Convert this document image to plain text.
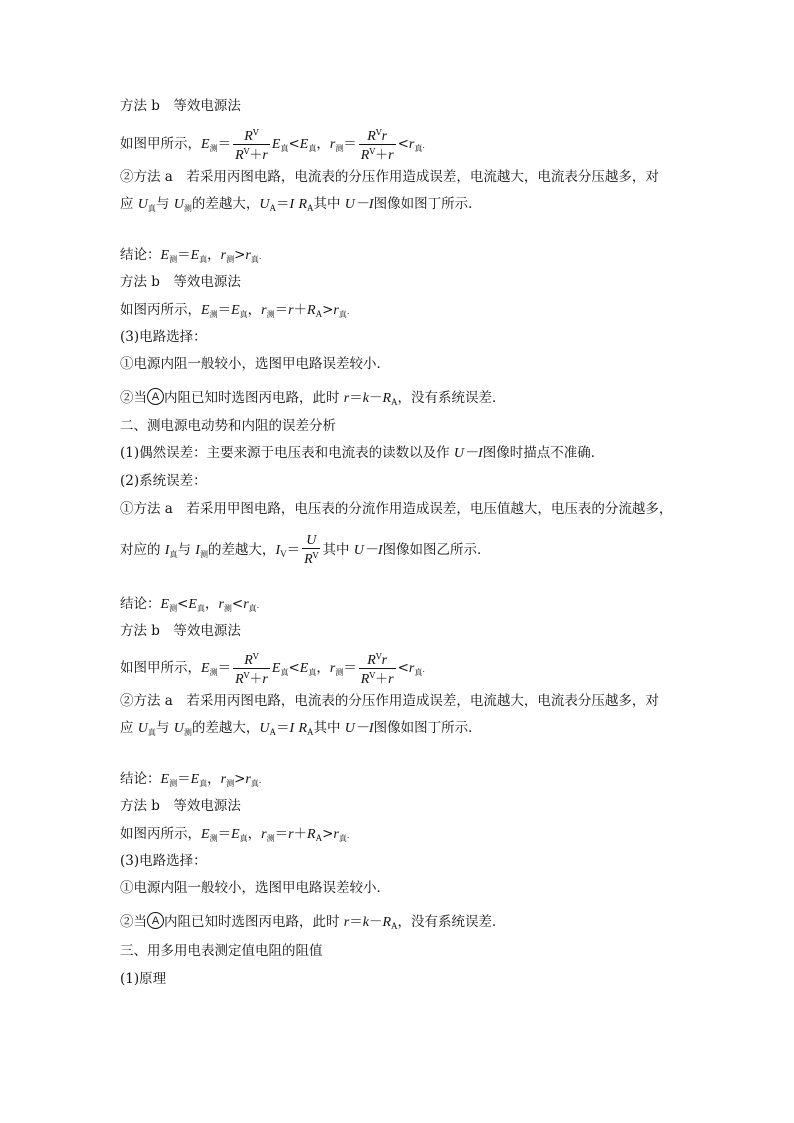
方法 b　等效电源法
如图甲所示，$E_测= \frac{R^V}{R^V+r} E_真<E_真$，$r_测= \frac{R^Vr}{R^V+r} <r_真$.
②方法 a　若采用丙图电路，电流表的分压作用造成误差，电流越大，电流表分压越多，对
应 $U_真$与 $U_测$的差越大，$U_A=I$ $R_A$其中 U－I图像如图丁所示．
结论：$E_测=E_真$，$r_测>r_真$.
方法 b　等效电源法
如图丙所示，$E_测=E_真$，$r_测=r+R_A>r_真$.
(3)电路选择：
①电源内阻一般较小，选图甲电路误差较小．
②当 A 内阻已知时选图丙电路，此时 $r=k-R_A$，没有系统误差．
二、测电源电动势和内阻的误差分析
(1)偶然误差：主要来源于电压表和电流表的读数以及作 U－I图像时描点不准确．
(2)系统误差：
①方法 a　若采用甲图电路，电压表的分流作用造成误差，电压值越大，电压表的分流越多，
对应的 $I_真$与 $I_测$的差越大，$I_V= \frac{U}{R^V}$ 其中 U－I图像如图乙所示．
结论：$E_测<E_真$，$r_测<r_真$.
方法 b　等效电源法
如图甲所示，$E_测= \frac{R^V}{R^V+r} E_真<E_真$，$r_测= \frac{R^Vr}{R^V+r} <r_真$.
②方法 a　若采用丙图电路，电流表的分压作用造成误差，电流越大，电流表分压越多，对
应 $U_真$与 $U_测$的差越大，$U_A=I$ $R_A$其中 U－I图像如图丁所示．
结论：$E_测=E_真$，$r_测>r_真$.
方法 b　等效电源法
如图丙所示，$E_测=E_真$，$r_测=r+R_A>r_真$.
(3)电路选择：
①电源内阻一般较小，选图甲电路误差较小．
②当 A 内阻已知时选图丙电路，此时 $r=k-R_A$，没有系统误差．
三、用多用电表测定值电阻的阻值
(1)原理
